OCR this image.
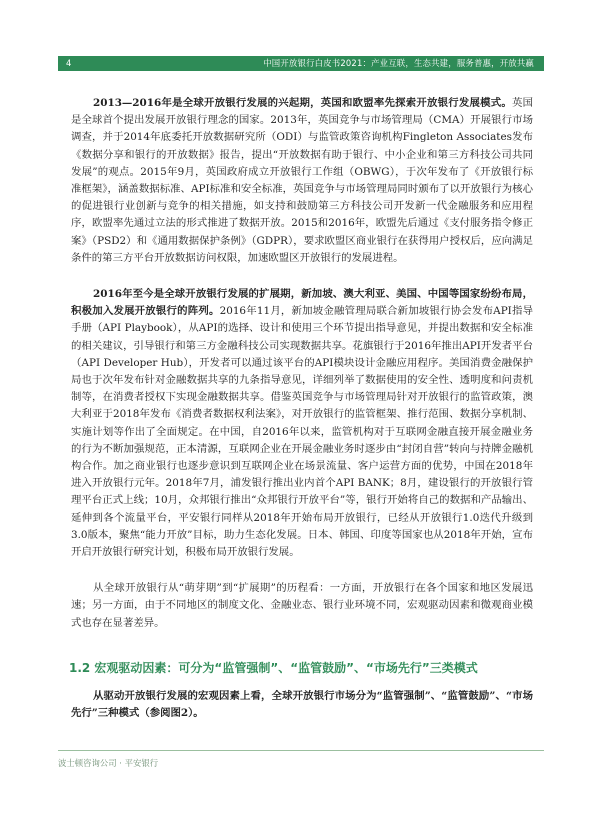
4	中国开放银行白皮书2021：产业互联，生态共建，服务普惠，开放共赢

2013—2016年是全球开放银行发展的兴起期，英国和欧盟率先探索开放银行发展模式。英国是全球首个提出发展开放银行理念的国家。2013年，英国竞争与市场管理局（CMA）开展银行市场调查，并于2014年底委托开放数据研究所（ODI）与监管政策咨询机构Fingleton Associates发布《数据分享和银行的开放数据》报告，提出“开放数据有助于银行、中小企业和第三方科技公司共同发展”的观点。2015年9月，英国政府成立开放银行工作组（OBWG），于次年发布了《开放银行标准框架》，涵盖数据标准、API标准和安全标准，英国竞争与市场管理局同时颁布了以开放银行为核心的促进银行业创新与竞争的相关措施，如支持和鼓励第三方科技公司开发新一代金融服务和应用程序，欧盟率先通过立法的形式推进了数据开放。2015和2016年，欧盟先后通过《支付服务指令修正案》（PSD2）和《通用数据保护条例》（GDPR），要求欧盟区商业银行在获得用户授权后，应向满足条件的第三方平台开放数据访问权限，加速欧盟区开放银行的发展进程。

2016年至今是全球开放银行发展的扩展期，新加坡、澳大利亚、美国、中国等国家纷纷布局，积极加入发展开放银行的阵列。2016年11月，新加坡金融管理局联合新加坡银行协会发布API指导手册（API Playbook），从API的选择、设计和使用三个环节提出指导意见，并提出数据和安全标准的相关建议，引导银行和第三方金融科技公司实现数据共享。花旗银行于2016年推出API开发者平台（API Developer Hub），开发者可以通过该平台的API模块设计金融应用程序。美国消费金融保护局也于次年发布针对金融数据共享的九条指导意见，详细列举了数据使用的安全性、透明度和问责机制等，在消费者授权下实现金融数据共享。借鉴英国竞争与市场管理局针对开放银行的监管政策，澳大利亚于2018年发布《消费者数据权利法案》，对开放银行的监管框架、推行范围、数据分享机制、实施计划等作出了全面规定。在中国，自2016年以来，监管机构对于互联网金融直接开展金融业务的行为不断加强规范，正本清源，互联网企业在开展金融业务时逐步由“封闭自营”转向与持牌金融机构合作。加之商业银行也逐步意识到互联网企业在场景流量、客户运营方面的优势，中国在2018年进入开放银行元年。2018年7月，浦发银行推出业内首个API BANK；8月，建设银行的开放银行管理平台正式上线；10月，众邦银行推出“众邦银行开放平台”等，银行开始将自己的数据和产品输出、延伸到各个流量平台，平安银行同样从2018年开始布局开放银行，已经从开放银行1.0迭代升级到3.0版本，聚焦“能力开放”目标，助力生态化发展。日本、韩国、印度等国家也从2018年开始，宣布开启开放银行研究计划，积极布局开放银行发展。

从全球开放银行从“萌芽期”到“扩展期”的历程看：一方面，开放银行在各个国家和地区发展迅速；另一方面，由于不同地区的制度文化、金融业态、银行业环境不同，宏观驱动因素和微观商业模式也存在显著差异。

1.2 宏观驱动因素：可分为“监管强制”、“监管鼓励”、“市场先行”三类模式

从驱动开放银行发展的宏观因素上看，全球开放银行市场分为“监管强制”、“监管鼓励”、“市场先行”三种模式（参阅图2）。

波士顿咨询公司 · 平安银行
